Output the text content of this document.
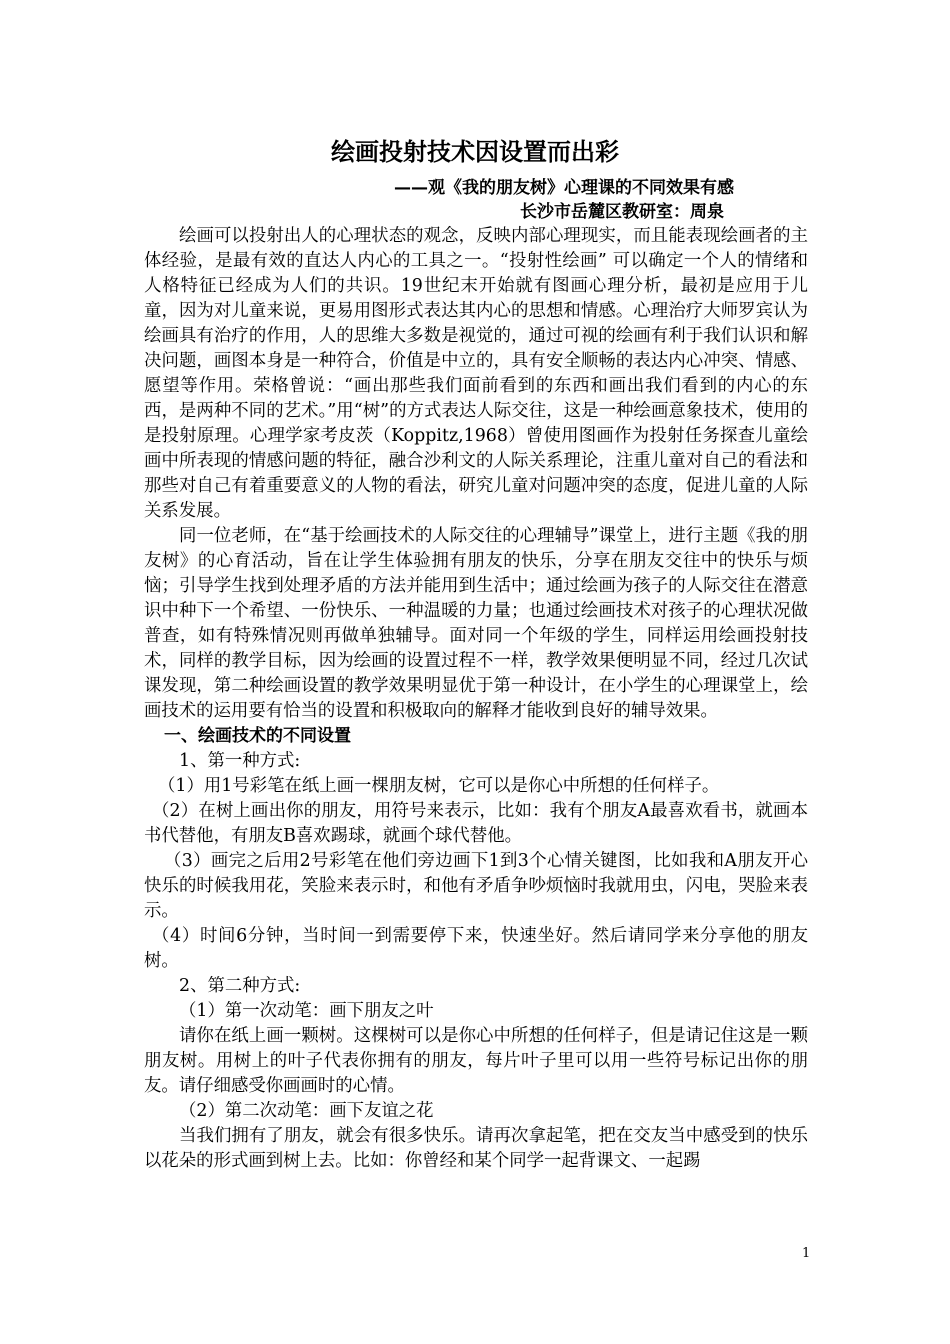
绘画投射技术因设置而出彩

——观《我的朋友树》心理课的不同效果有感

长沙市岳麓区教研室：周泉

绘画可以投射出人的心理状态的观念，反映内部心理现实，而且能表现绘画者的主体经验，是最有效的直达人内心的工具之一。“投射性绘画” 可以确定一个人的情绪和人格特征已经成为人们的共识。19世纪末开始就有图画心理分析，最初是应用于儿童，因为对儿童来说，更易用图形式表达其内心的思想和情感。心理治疗大师罗宾认为绘画具有治疗的作用，人的思维大多数是视觉的，通过可视的绘画有利于我们认识和解决问题，画图本身是一种符合，价值是中立的，具有安全顺畅的表达内心冲突、情感、愿望等作用。荣格曾说：“画出那些我们面前看到的东西和画出我们看到的内心的东西，是两种不同的艺术。”用“树”的方式表达人际交往，这是一种绘画意象技术，使用的是投射原理。心理学家考皮茨（Koppitz,1968）曾使用图画作为投射任务探查儿童绘画中所表现的情感问题的特征，融合沙利文的人际关系理论，注重儿童对自己的看法和那些对自己有着重要意义的人物的看法，研究儿童对问题冲突的态度，促进儿童的人际关系发展。

同一位老师，在“基于绘画技术的人际交往的心理辅导”课堂上，进行主题《我的朋友树》的心育活动，旨在让学生体验拥有朋友的快乐，分享在朋友交往中的快乐与烦恼；引导学生找到处理矛盾的方法并能用到生活中；通过绘画为孩子的人际交往在潜意识中种下一个希望、一份快乐、一种温暖的力量；也通过绘画技术对孩子的心理状况做普查，如有特殊情况则再做单独辅导。面对同一个年级的学生，同样运用绘画投射技术，同样的教学目标，因为绘画的设置过程不一样，教学效果便明显不同，经过几次试课发现，第二种绘画设置的教学效果明显优于第一种设计，在小学生的心理课堂上，绘画技术的运用要有恰当的设置和积极取向的解释才能收到良好的辅导效果。

一、绘画技术的不同设置

1、第一种方式:

（1）用1号彩笔在纸上画一棵朋友树，它可以是你心中所想的任何样子。

（2）在树上画出你的朋友，用符号来表示，比如：我有个朋友A最喜欢看书，就画本书代替他，有朋友B喜欢踢球，就画个球代替他。

（3）画完之后用2号彩笔在他们旁边画下1到3个心情关键图，比如我和A朋友开心快乐的时候我用花，笑脸来表示时，和他有矛盾争吵烦恼时我就用虫，闪电，哭脸来表示。

（4）时间6分钟，当时间一到需要停下来，快速坐好。然后请同学来分享他的朋友树。

2、第二种方式:

（1）第一次动笔：画下朋友之叶

请你在纸上画一颗树。这棵树可以是你心中所想的任何样子，但是请记住这是一颗朋友树。用树上的叶子代表你拥有的朋友，每片叶子里可以用一些符号标记出你的朋友。请仔细感受你画画时的心情。

（2）第二次动笔：画下友谊之花

当我们拥有了朋友，就会有很多快乐。请再次拿起笔，把在交友当中感受到的快乐以花朵的形式画到树上去。比如：你曾经和某个同学一起背课文、一起踢

1
